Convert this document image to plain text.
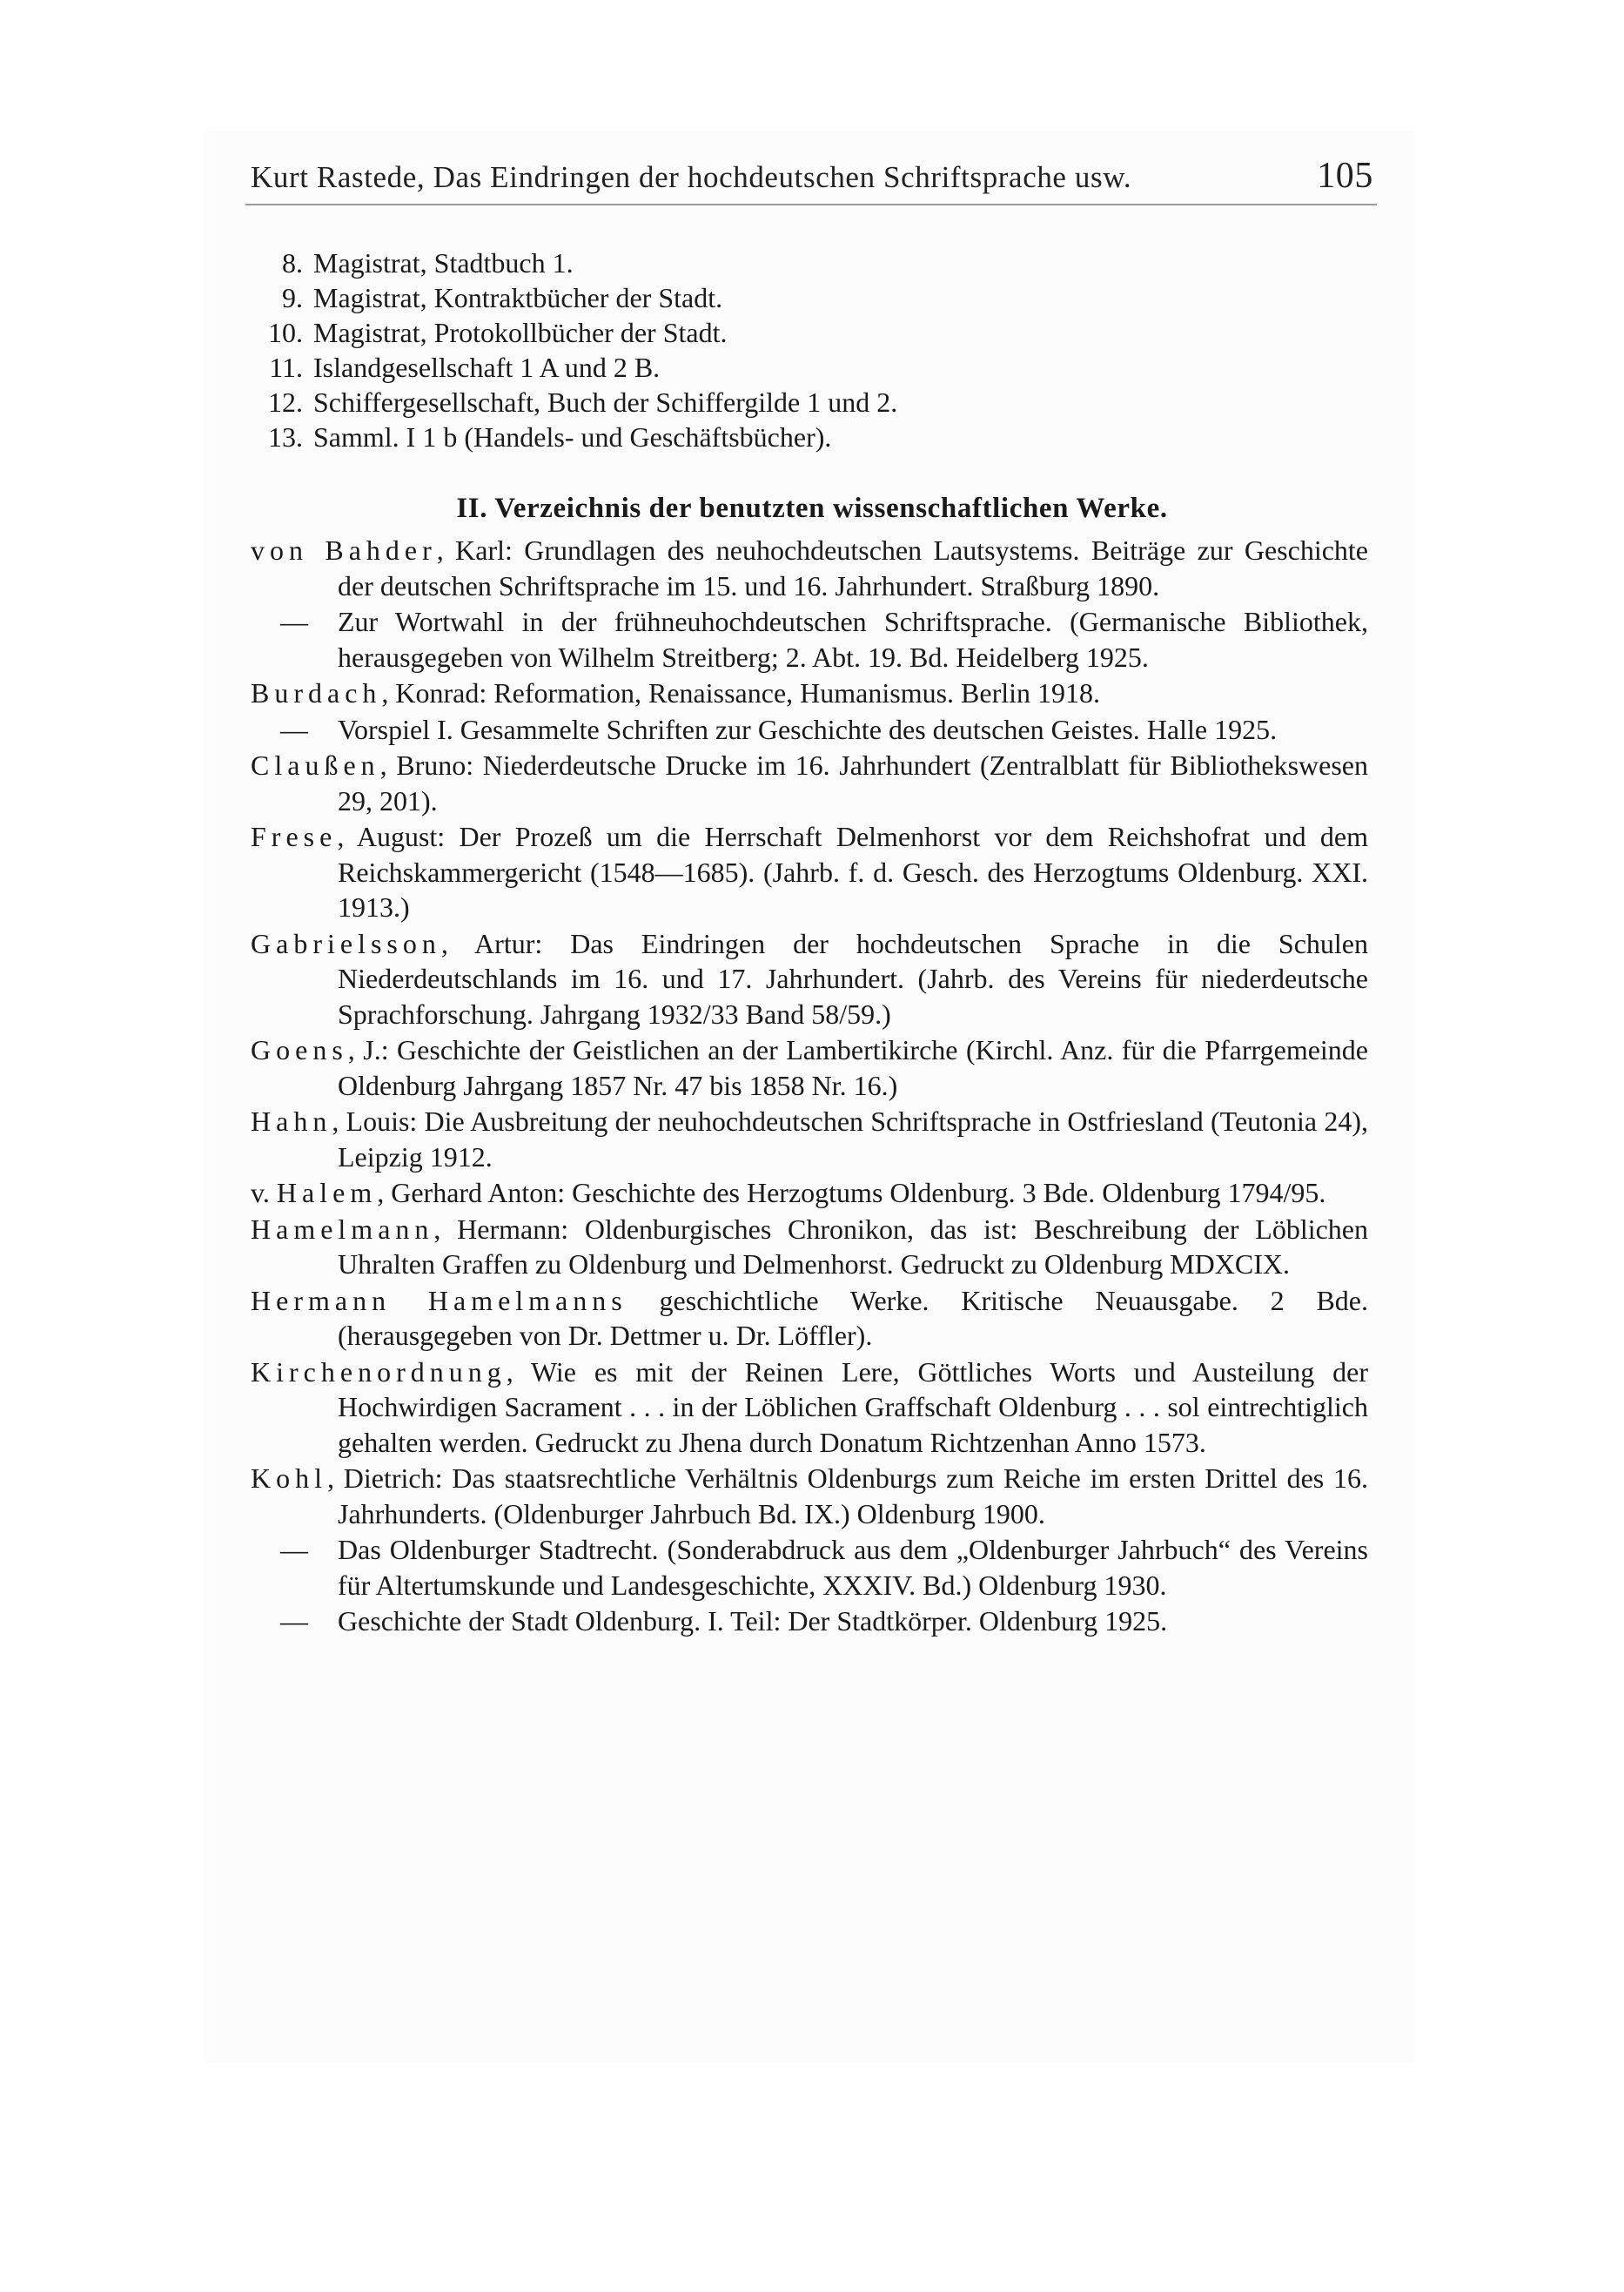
Kurt Rastede, Das Eindringen der hochdeutschen Schriftsprache usw.	105
8. Magistrat, Stadtbuch 1.
9. Magistrat, Kontraktbücher der Stadt.
10. Magistrat, Protokollbücher der Stadt.
11. Islandgesellschaft 1 A und 2 B.
12. Schiffergesellschaft, Buch der Schiffergilde 1 und 2.
13. Samml. I 1 b (Handels- und Geschäftsbücher).
II. Verzeichnis der benutzten wissenschaftlichen Werke.
von Bahder, Karl: Grundlagen des neuhochdeutschen Lautsystems. Beiträge zur Geschichte der deutschen Schriftsprache im 15. und 16. Jahrhundert. Straßburg 1890.
— Zur Wortwahl in der frühneuhochdeutschen Schriftsprache. (Germanische Bibliothek, herausgegeben von Wilhelm Streitberg; 2. Abt. 19. Bd. Heidelberg 1925.
Burdach, Konrad: Reformation, Renaissance, Humanismus. Berlin 1918.
— Vorspiel I. Gesammelte Schriften zur Geschichte des deutschen Geistes. Halle 1925.
Claußen, Bruno: Niederdeutsche Drucke im 16. Jahrhundert (Zentralblatt für Bibliothekswesen 29, 201).
Frese, August: Der Prozeß um die Herrschaft Delmenhorst vor dem Reichshofrat und dem Reichskammergericht (1548—1685). (Jahrb. f. d. Gesch. des Herzogtums Oldenburg. XXI. 1913.)
Gabrielsson, Artur: Das Eindringen der hochdeutschen Sprache in die Schulen Niederdeutschlands im 16. und 17. Jahrhundert. (Jahrb. des Vereins für niederdeutsche Sprachforschung. Jahrgang 1932/33 Band 58/59.)
Goens, J.: Geschichte der Geistlichen an der Lambertikirche (Kirchl. Anz. für die Pfarrgemeinde Oldenburg Jahrgang 1857 Nr. 47 bis 1858 Nr. 16.)
Hahn, Louis: Die Ausbreitung der neuhochdeutschen Schriftsprache in Ostfriesland (Teutonia 24), Leipzig 1912.
v. Halem, Gerhard Anton: Geschichte des Herzogtums Oldenburg. 3 Bde. Oldenburg 1794/95.
Hamelmann, Hermann: Oldenburgisches Chronikon, das ist: Beschreibung der Löblichen Uhralten Graffen zu Oldenburg und Delmenhorst. Gedruckt zu Oldenburg MDXCIX.
Hermann Hamelmanns geschichtliche Werke. Kritische Neuausgabe. 2 Bde. (herausgegeben von Dr. Dettmer u. Dr. Löffler).
Kirchenordnung, Wie es mit der Reinen Lere, Göttliches Worts und Austeilung der Hochwirdigen Sacrament . . . in der Löblichen Graffschaft Oldenburg . . . sol eintrechtiglich gehalten werden. Gedruckt zu Jhena durch Donatum Richtzenhan Anno 1573.
Kohl, Dietrich: Das staatsrechtliche Verhältnis Oldenburgs zum Reiche im ersten Drittel des 16. Jahrhunderts. (Oldenburger Jahrbuch Bd. IX.) Oldenburg 1900.
— Das Oldenburger Stadtrecht. (Sonderabdruck aus dem „Oldenburger Jahrbuch“ des Vereins für Altertumskunde und Landesgeschichte, XXXIV. Bd.) Oldenburg 1930.
— Geschichte der Stadt Oldenburg. I. Teil: Der Stadtkörper. Oldenburg 1925.
